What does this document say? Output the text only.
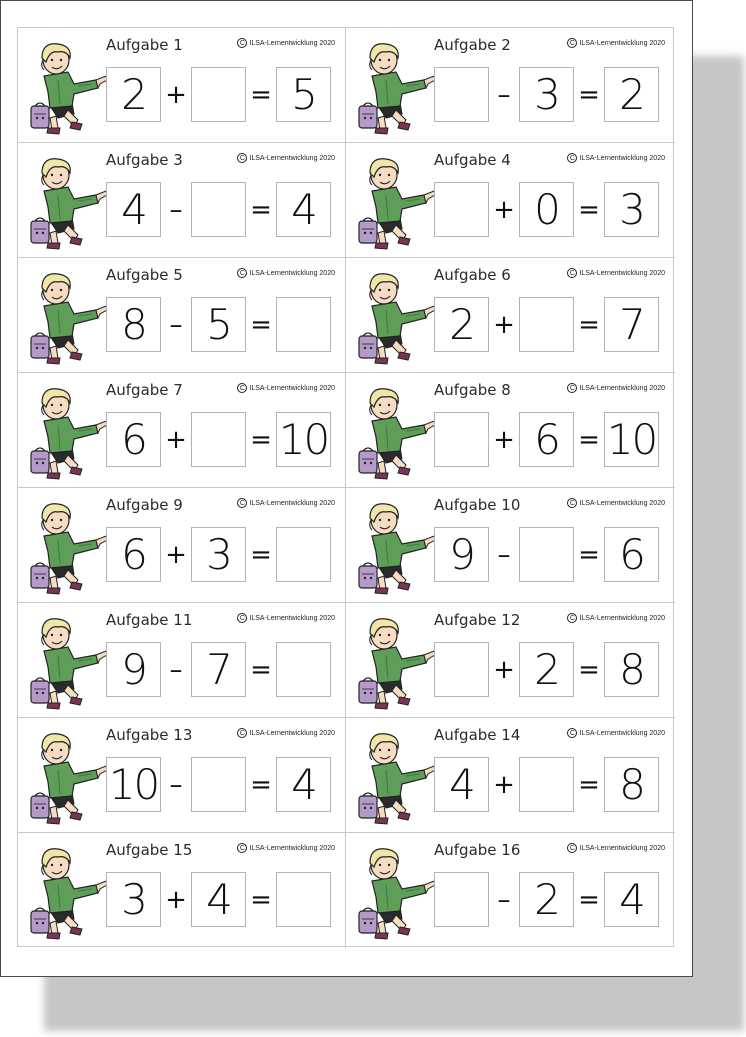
Aufgabe 1	C ILSA-Lernentwicklung 2020
2 + = 5
Aufgabe 2	C ILSA-Lernentwicklung 2020
– 3 = 2
Aufgabe 3	C ILSA-Lernentwicklung 2020
4 –	= 4
Aufgabe 4	C ILSA-Lernentwicklung 2020
+ 0 = 3
Aufgabe 5	C ILSA-Lernentwicklung 2020
8 – 5 =
Aufgabe 6	C ILSA-Lernentwicklung 2020
2 + = 7
Aufgabe 7	C ILSA-Lernentwicklung 2020
6 + = 10
Aufgabe 8	C ILSA-Lernentwicklung 2020
+ 6 = 10
Aufgabe 9	C ILSA-Lernentwicklung 2020
6 + 3 =
Aufgabe 10	C ILSA-Lernentwicklung 2020
9 –	= 6
Aufgabe 11	C ILSA-Lernentwicklung 2020
9 – 7 =
Aufgabe 12	C ILSA-Lernentwicklung 2020
+ 2 = 8
Aufgabe 13	C ILSA-Lernentwicklung 2020
10 –	= 4
Aufgabe 14	C ILSA-Lernentwicklung 2020
4 + = 8
Aufgabe 15	C ILSA-Lernentwicklung 2020
3 + 4 =
Aufgabe 16	C ILSA-Lernentwicklung 2020
– 2 = 4
